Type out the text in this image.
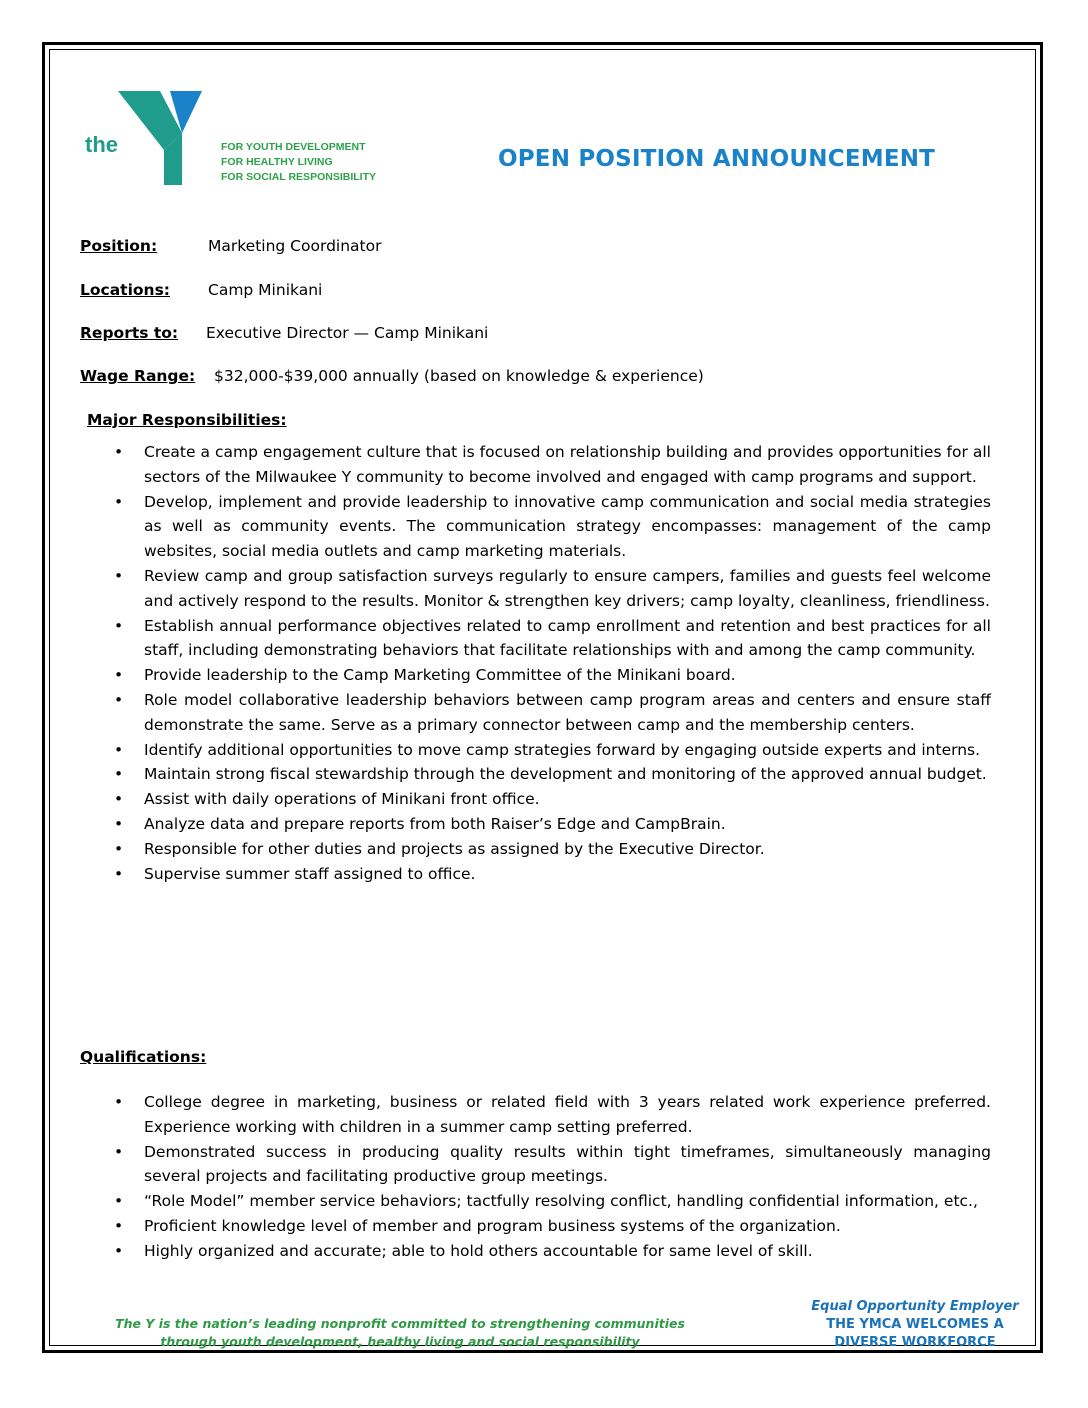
the
YMCA FOR YOUTH DEVELOPMENT
FOR HEALTHY LIVING
FOR SOCIAL RESPONSIBILITY
OPEN POSITION ANNOUNCEMENT
Position:	Marketing Coordinator
Locations: Camp Minikani
Reports to: Executive Director — Camp Minikani
Wage Range: $32,000-$39,000 annually (based on knowledge & experience)
Major Responsibilities:
• Create a camp engagement culture that is focused on relationship building and provides opportunities for all sectors of the Milwaukee Y community to become involved and engaged with camp programs and support.
• Develop, implement and provide leadership to innovative camp communication and social media strategies as well as community events. The communication strategy encompasses: management of the camp websites, social media outlets and camp marketing materials.
• Review camp and group satisfaction surveys regularly to ensure campers, families and guests feel welcome and actively respond to the results. Monitor & strengthen key drivers; camp loyalty, cleanliness, friendliness.
• Establish annual performance objectives related to camp enrollment and retention and best practices for all staff, including demonstrating behaviors that facilitate relationships with and among the camp community.
• Provide leadership to the Camp Marketing Committee of the Minikani board.
• Role model collaborative leadership behaviors between camp program areas and centers and ensure staff demonstrate the same. Serve as a primary connector between camp and the membership centers.
• Identify additional opportunities to move camp strategies forward by engaging outside experts and interns.
• Maintain strong fiscal stewardship through the development and monitoring of the approved annual budget.
• Assist with daily operations of Minikani front office.
• Analyze data and prepare reports from both Raiser’s Edge and CampBrain.
• Responsible for other duties and projects as assigned by the Executive Director.
• Supervise summer staff assigned to office.
Qualifications:
• College degree in marketing, business or related field with 3 years related work experience preferred. Experience working with children in a summer camp setting preferred.
• Demonstrated success in producing quality results within tight timeframes, simultaneously managing several projects and facilitating productive group meetings.
• “Role Model” member service behaviors; tactfully resolving conflict, handling confidential information, etc.,
• Proficient knowledge level of member and program business systems of the organization.
• Highly organized and accurate; able to hold others accountable for same level of skill.
The Y is the nation’s leading nonprofit committed to strengthening communities
through youth development, healthy living and social responsibility
Equal Opportunity Employer
THE YMCA WELCOMES A
DIVERSE WORKFORCE
